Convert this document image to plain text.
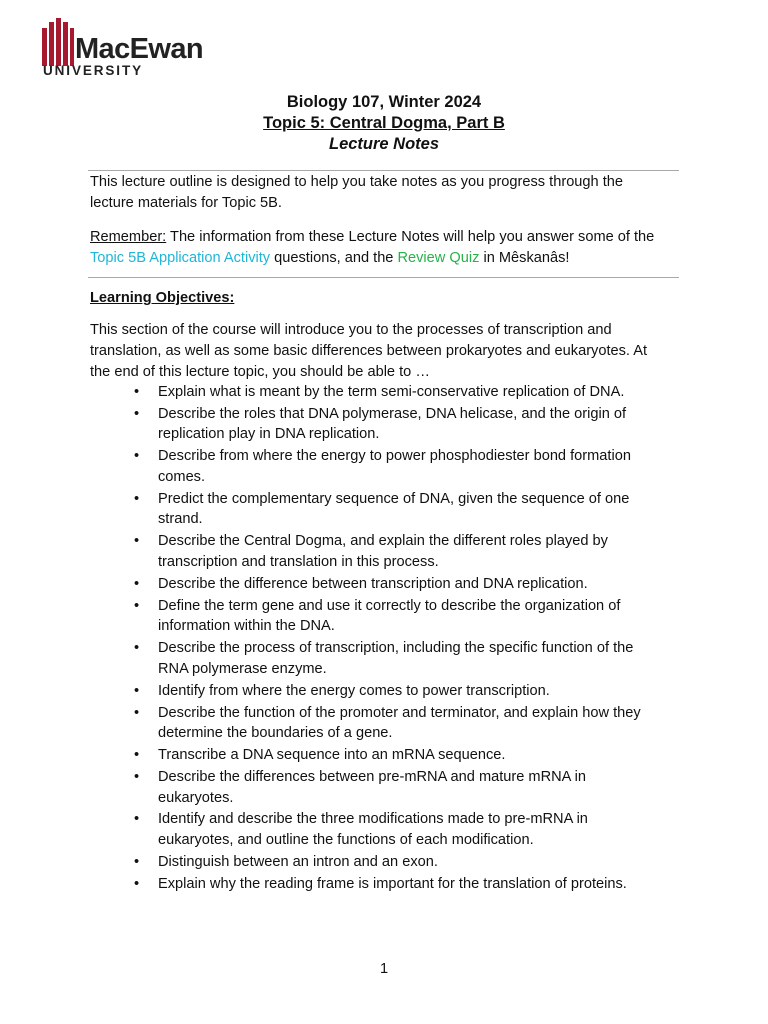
MacEwan
UNIVERSITY
Biology 107, Winter 2024
Topic 5: Central Dogma, Part B
Lecture Notes
This lecture outline is designed to help you take notes as you progress through the
lecture materials for Topic 5B.
Remember: The information from these Lecture Notes will help you answer some of the
Topic 5B Application Activity questions, and the Review Quiz in Mêskanâs!
Learning Objectives:
This section of the course will introduce you to the processes of transcription and
translation, as well as some basic differences between prokaryotes and eukaryotes. At
the end of this lecture topic, you should be able to …
• Explain what is meant by the term semi-conservative replication of DNA.
• Describe the roles that DNA polymerase, DNA helicase, and the origin of replication play in DNA replication.
• Describe from where the energy to power phosphodiester bond formation comes.
• Predict the complementary sequence of DNA, given the sequence of one strand.
• Describe the Central Dogma, and explain the different roles played by transcription and translation in this process.
• Describe the difference between transcription and DNA replication.
• Define the term gene and use it correctly to describe the organization of information within the DNA.
• Describe the process of transcription, including the specific function of the RNA polymerase enzyme.
• Identify from where the energy comes to power transcription.
• Describe the function of the promoter and terminator, and explain how they determine the boundaries of a gene.
• Transcribe a DNA sequence into an mRNA sequence.
• Describe the differences between pre-mRNA and mature mRNA in eukaryotes.
• Identify and describe the three modifications made to pre-mRNA in eukaryotes, and outline the functions of each modification.
• Distinguish between an intron and an exon.
• Explain why the reading frame is important for the translation of proteins.
1
